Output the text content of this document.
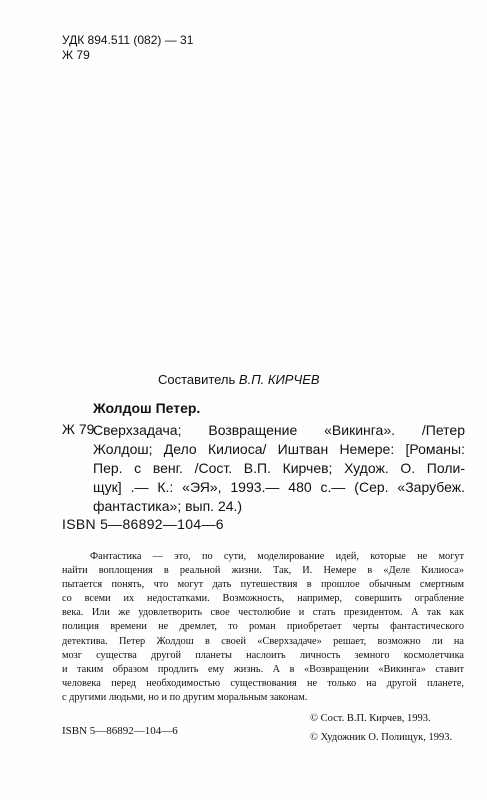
УДК 894.511 (082) — 31
Ж 79
Составитель В.П. КИРЧЕВ
Жолдош Петер.
Ж 79
Сверхзадача; Возвращение «Викинга». /Петер
Жолдош; Дело Килиоса/ Иштван Немере: [Романы:
Пер. с венг. /Сост. В.П. Кирчев; Худож. О. Поли-
щук] .— К.: «ЭЯ», 1993.— 480 с.— (Сер. «Зарубеж.
фантастика»; вып. 24.)
ISBN 5—86892—104—6
Фантастика — это, по сути, моделирование идей, которые не могут
найти воплощения в реальной жизни. Так, И. Немере в «Деле Килиоса»
пытается понять, что могут дать путешествия в прошлое обычным смертным
со всеми их недостатками. Возможность, например, совершить ограбление
века. Или же удовлетворить свое честолюбие и стать президентом. А так как
полиция времени не дремлет, то роман приобретает черты фантастического
детектива. Петер Жолдош в своей «Сверхзадаче» решает, возможно ли на
мозг существа другой планеты наслоить личность земного космолетчика
и таким образом продлить ему жизнь. А в «Возвращении «Викинга» ставит
человека перед необходимостью существования не только на другой планете,
с другими людьми, но и по другим моральным законам.
ISBN 5—86892—104—6
© Сост. В.П. Кирчев, 1993.
© Художник О. Полищук, 1993.
